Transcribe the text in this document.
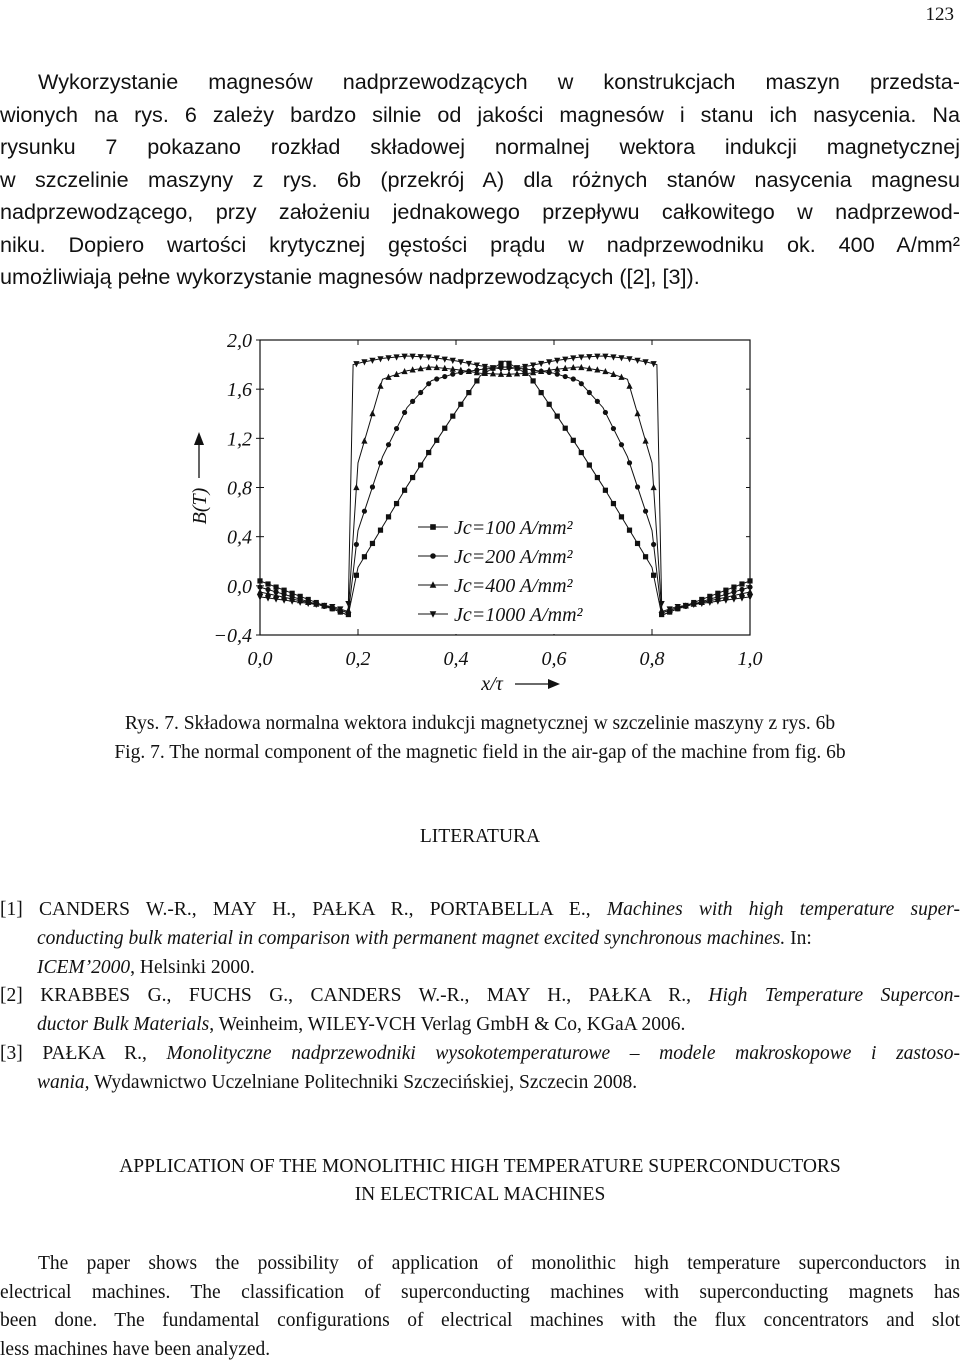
123
Wykorzystanie magnesów nadprzewodzących w konstrukcjach maszyn przedsta-
wionych na rys. 6 zależy bardzo silnie od jakości magnesów i stanu ich nasycenia. Na
rysunku 7 pokazano rozkład składowej normalnej wektora indukcji magnetycznej
w szczelinie maszyny z rys. 6b (przekrój A) dla różnych stanów nasycenia magnesu
nadprzewodzącego, przy założeniu jednakowego przepływu całkowitego w nadprzewod-
niku. Dopiero wartości krytycznej gęstości prądu w nadprzewodniku ok. 400 A/mm²
umożliwiają pełne wykorzystanie magnesów nadprzewodzących ([2], [3]).
2,0
1,6
1,2
0,8
0,4
0,0
−0,4
0,0	0,2	0,4	0,6	0,8	1,0
x/τ
B(T)
Jc=100 A/mm²
Jc=200 A/mm²
Jc=400 A/mm²
Jc=1000 A/mm²
Rys. 7. Składowa normalna wektora indukcji magnetycznej w szczelinie maszyny z rys. 6b
Fig. 7. The normal component of the magnetic field in the air-gap of the machine from fig. 6b
LITERATURA
[1] CANDERS W.-R., MAY H., PAŁKA R., PORTABELLA E., Machines with high temperature super-
conducting bulk material in comparison with permanent magnet excited synchronous machines. In:
ICEM’2000, Helsinki 2000.
[2] KRABBES G., FUCHS G., CANDERS W.-R., MAY H., PAŁKA R., High Temperature Supercon-
ductor Bulk Materials, Weinheim, WILEY-VCH Verlag GmbH & Co, KGaA 2006.
[3] PAŁKA R., Monolityczne nadprzewodniki wysokotemperaturowe – modele makroskopowe i zastoso-
wania, Wydawnictwo Uczelniane Politechniki Szczecińskiej, Szczecin 2008.
APPLICATION OF THE MONOLITHIC HIGH TEMPERATURE SUPERCONDUCTORS
IN ELECTRICAL MACHINES
The paper shows the possibility of application of monolithic high temperature superconductors in
electrical machines. The classification of superconducting machines with superconducting magnets has
been done. The fundamental configurations of electrical machines with the flux concentrators and slot
less machines have been analyzed.
